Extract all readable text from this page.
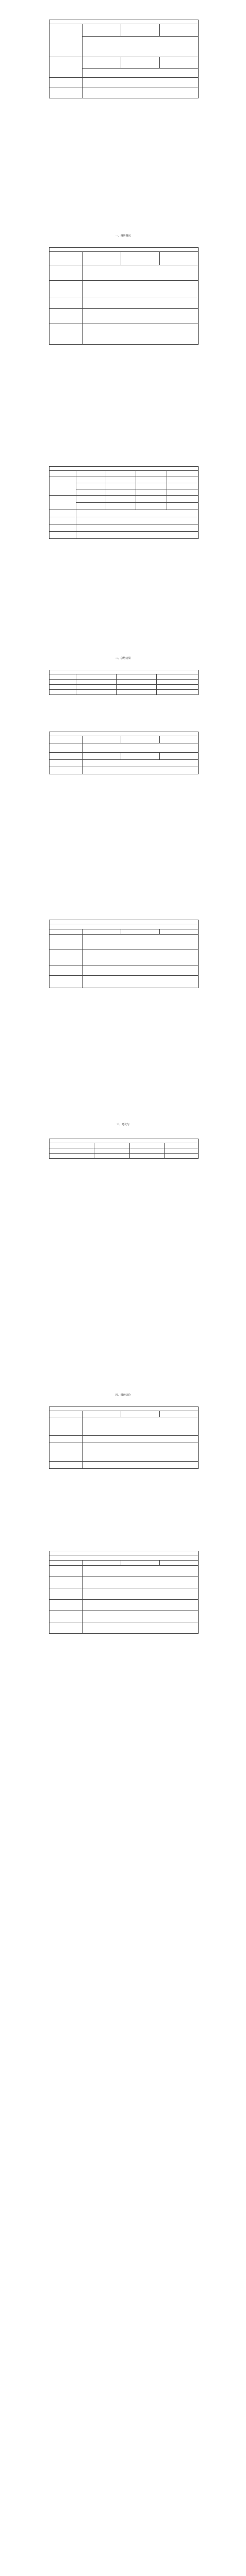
一、调研概况

二、总结结果

三、建议与

四、调研结论
